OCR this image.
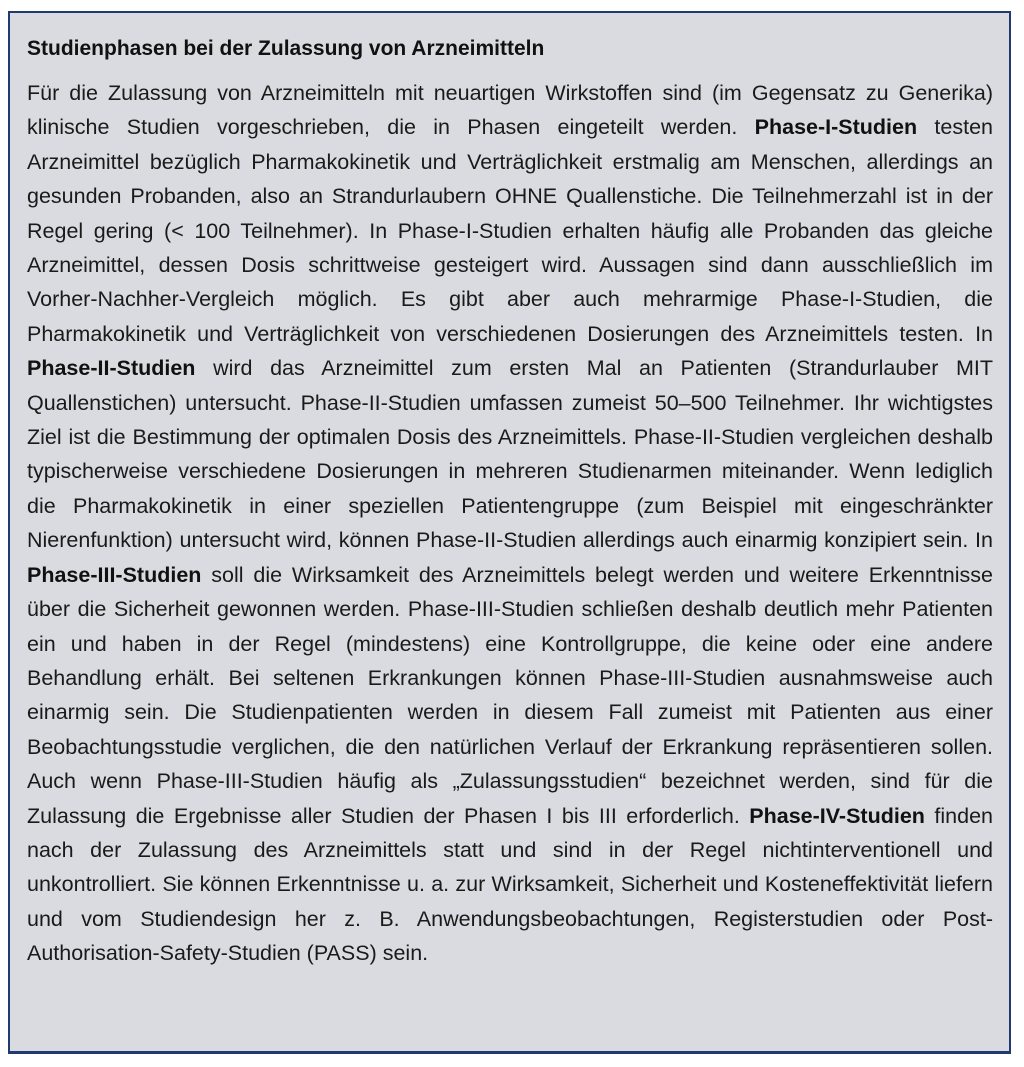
Studienphasen bei der Zulassung von Arzneimitteln

Für die Zulassung von Arzneimitteln mit neuartigen Wirkstoffen sind (im Gegensatz zu Generika) klinische Studien vorgeschrieben, die in Phasen eingeteilt werden. Phase-I-Studien testen Arzneimittel bezüglich Pharmakokinetik und Verträglichkeit erstmalig am Menschen, allerdings an gesunden Probanden, also an Strandurlaubern OHNE Quallenstiche. Die Teilnehmerzahl ist in der Regel gering (< 100 Teilnehmer). In Phase-I-Studien erhalten häufig alle Probanden das gleiche Arzneimittel, dessen Dosis schrittweise gesteigert wird. Aussagen sind dann ausschließlich im Vorher-Nachher-Vergleich möglich. Es gibt aber auch mehrarmige Phase-I-Studien, die Pharmakokinetik und Verträglichkeit von verschiedenen Dosierungen des Arzneimittels testen. In Phase-II-Studien wird das Arzneimittel zum ersten Mal an Patienten (Strandurlauber MIT Quallenstichen) untersucht. Phase-II-Studien umfassen zumeist 50–500 Teilnehmer. Ihr wichtigstes Ziel ist die Bestimmung der optimalen Dosis des Arzneimittels. Phase-II-Studien vergleichen deshalb typischerweise verschiedene Dosierungen in mehreren Studienarmen miteinander. Wenn lediglich die Pharmakokinetik in einer speziellen Patientengruppe (zum Beispiel mit eingeschränkter Nierenfunktion) untersucht wird, können Phase-II-Studien allerdings auch einarmig konzipiert sein. In Phase-III-Studien soll die Wirksamkeit des Arzneimittels belegt werden und weitere Erkenntnisse über die Sicherheit gewonnen werden. Phase-III-Studien schließen deshalb deutlich mehr Patienten ein und haben in der Regel (mindestens) eine Kontrollgruppe, die keine oder eine andere Behandlung erhält. Bei seltenen Erkrankungen können Phase-III-Studien ausnahmsweise auch einarmig sein. Die Studienpatienten werden in diesem Fall zumeist mit Patienten aus einer Beobachtungsstudie verglichen, die den natürlichen Verlauf der Erkrankung repräsentieren sollen. Auch wenn Phase-III-Studien häufig als „Zulassungsstudien“ bezeichnet werden, sind für die Zulassung die Ergebnisse aller Studien der Phasen I bis III erforderlich. Phase-IV-Studien finden nach der Zulassung des Arzneimittels statt und sind in der Regel nichtinterventionell und unkontrolliert. Sie können Erkenntnisse u. a. zur Wirksamkeit, Sicherheit und Kosteneffektivität liefern und vom Studiendesign her z. B. Anwendungsbeobachtungen, Registerstudien oder Post-Authorisation-Safety-Studien (PASS) sein.
